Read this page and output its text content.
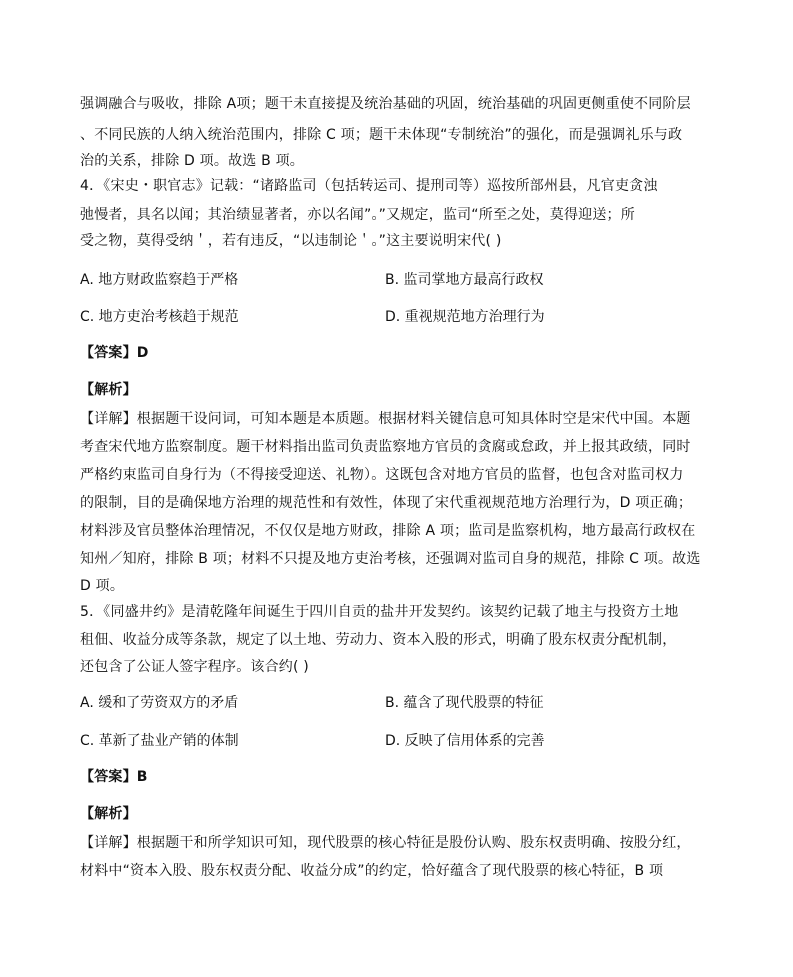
强调融合与吸收，排除 A项；题干未直接提及统治基础的巩固，统治基础的巩固更侧重使不同阶层
、不同民族的人纳入统治范围内，排除 C 项；题干未体现“专制统治”的强化，而是强调礼乐与政
治的关系，排除 D 项。故选 B 项。
4．《宋史・职官志》记载：“诸路监司（包括转运司、提刑司等）巡按所部州县，凡官吏贪浊
弛慢者，具名以闻；其治绩显著者，亦以名闻”。”又规定，监司“所至之处，莫得迎送；所
受之物，莫得受纳＇，若有违反，“以违制论＇。”这主要说明宋代( )
A. 地方财政监察趋于严格	B. 监司掌地方最高行政权
C. 地方吏治考核趋于规范	D. 重视规范地方治理行为
【答案】D
【解析】
【详解】根据题干设问词，可知本题是本质题。根据材料关键信息可知具体时空是宋代中国。本题
考查宋代地方监察制度。题干材料指出监司负责监察地方官员的贪腐或怠政，并上报其政绩，同时
严格约束监司自身行为（不得接受迎送、礼物）。这既包含对地方官员的监督，也包含对监司权力
的限制，目的是确保地方治理的规范性和有效性，体现了宋代重视规范地方治理行为，D 项正确；
材料涉及官员整体治理情况，不仅仅是地方财政，排除 A 项；监司是监察机构，地方最高行政权在
知州／知府，排除 B 项；材料不只提及地方吏治考核，还强调对监司自身的规范，排除 C 项。故选
D 项。
5．《同盛井约》是清乾隆年间诞生于四川自贡的盐井开发契约。该契约记载了地主与投资方土地
租佃、收益分成等条款，规定了以土地、劳动力、资本入股的形式，明确了股东权责分配机制，
还包含了公证人签字程序。该合约( )
A. 缓和了劳资双方的矛盾	B. 蕴含了现代股票的特征
C. 革新了盐业产销的体制	D. 反映了信用体系的完善
【答案】B
【解析】
【详解】根据题干和所学知识可知，现代股票的核心特征是股份认购、股东权责明确、按股分红，
材料中“资本入股、股东权责分配、收益分成”的约定，恰好蕴含了现代股票的核心特征，B 项
